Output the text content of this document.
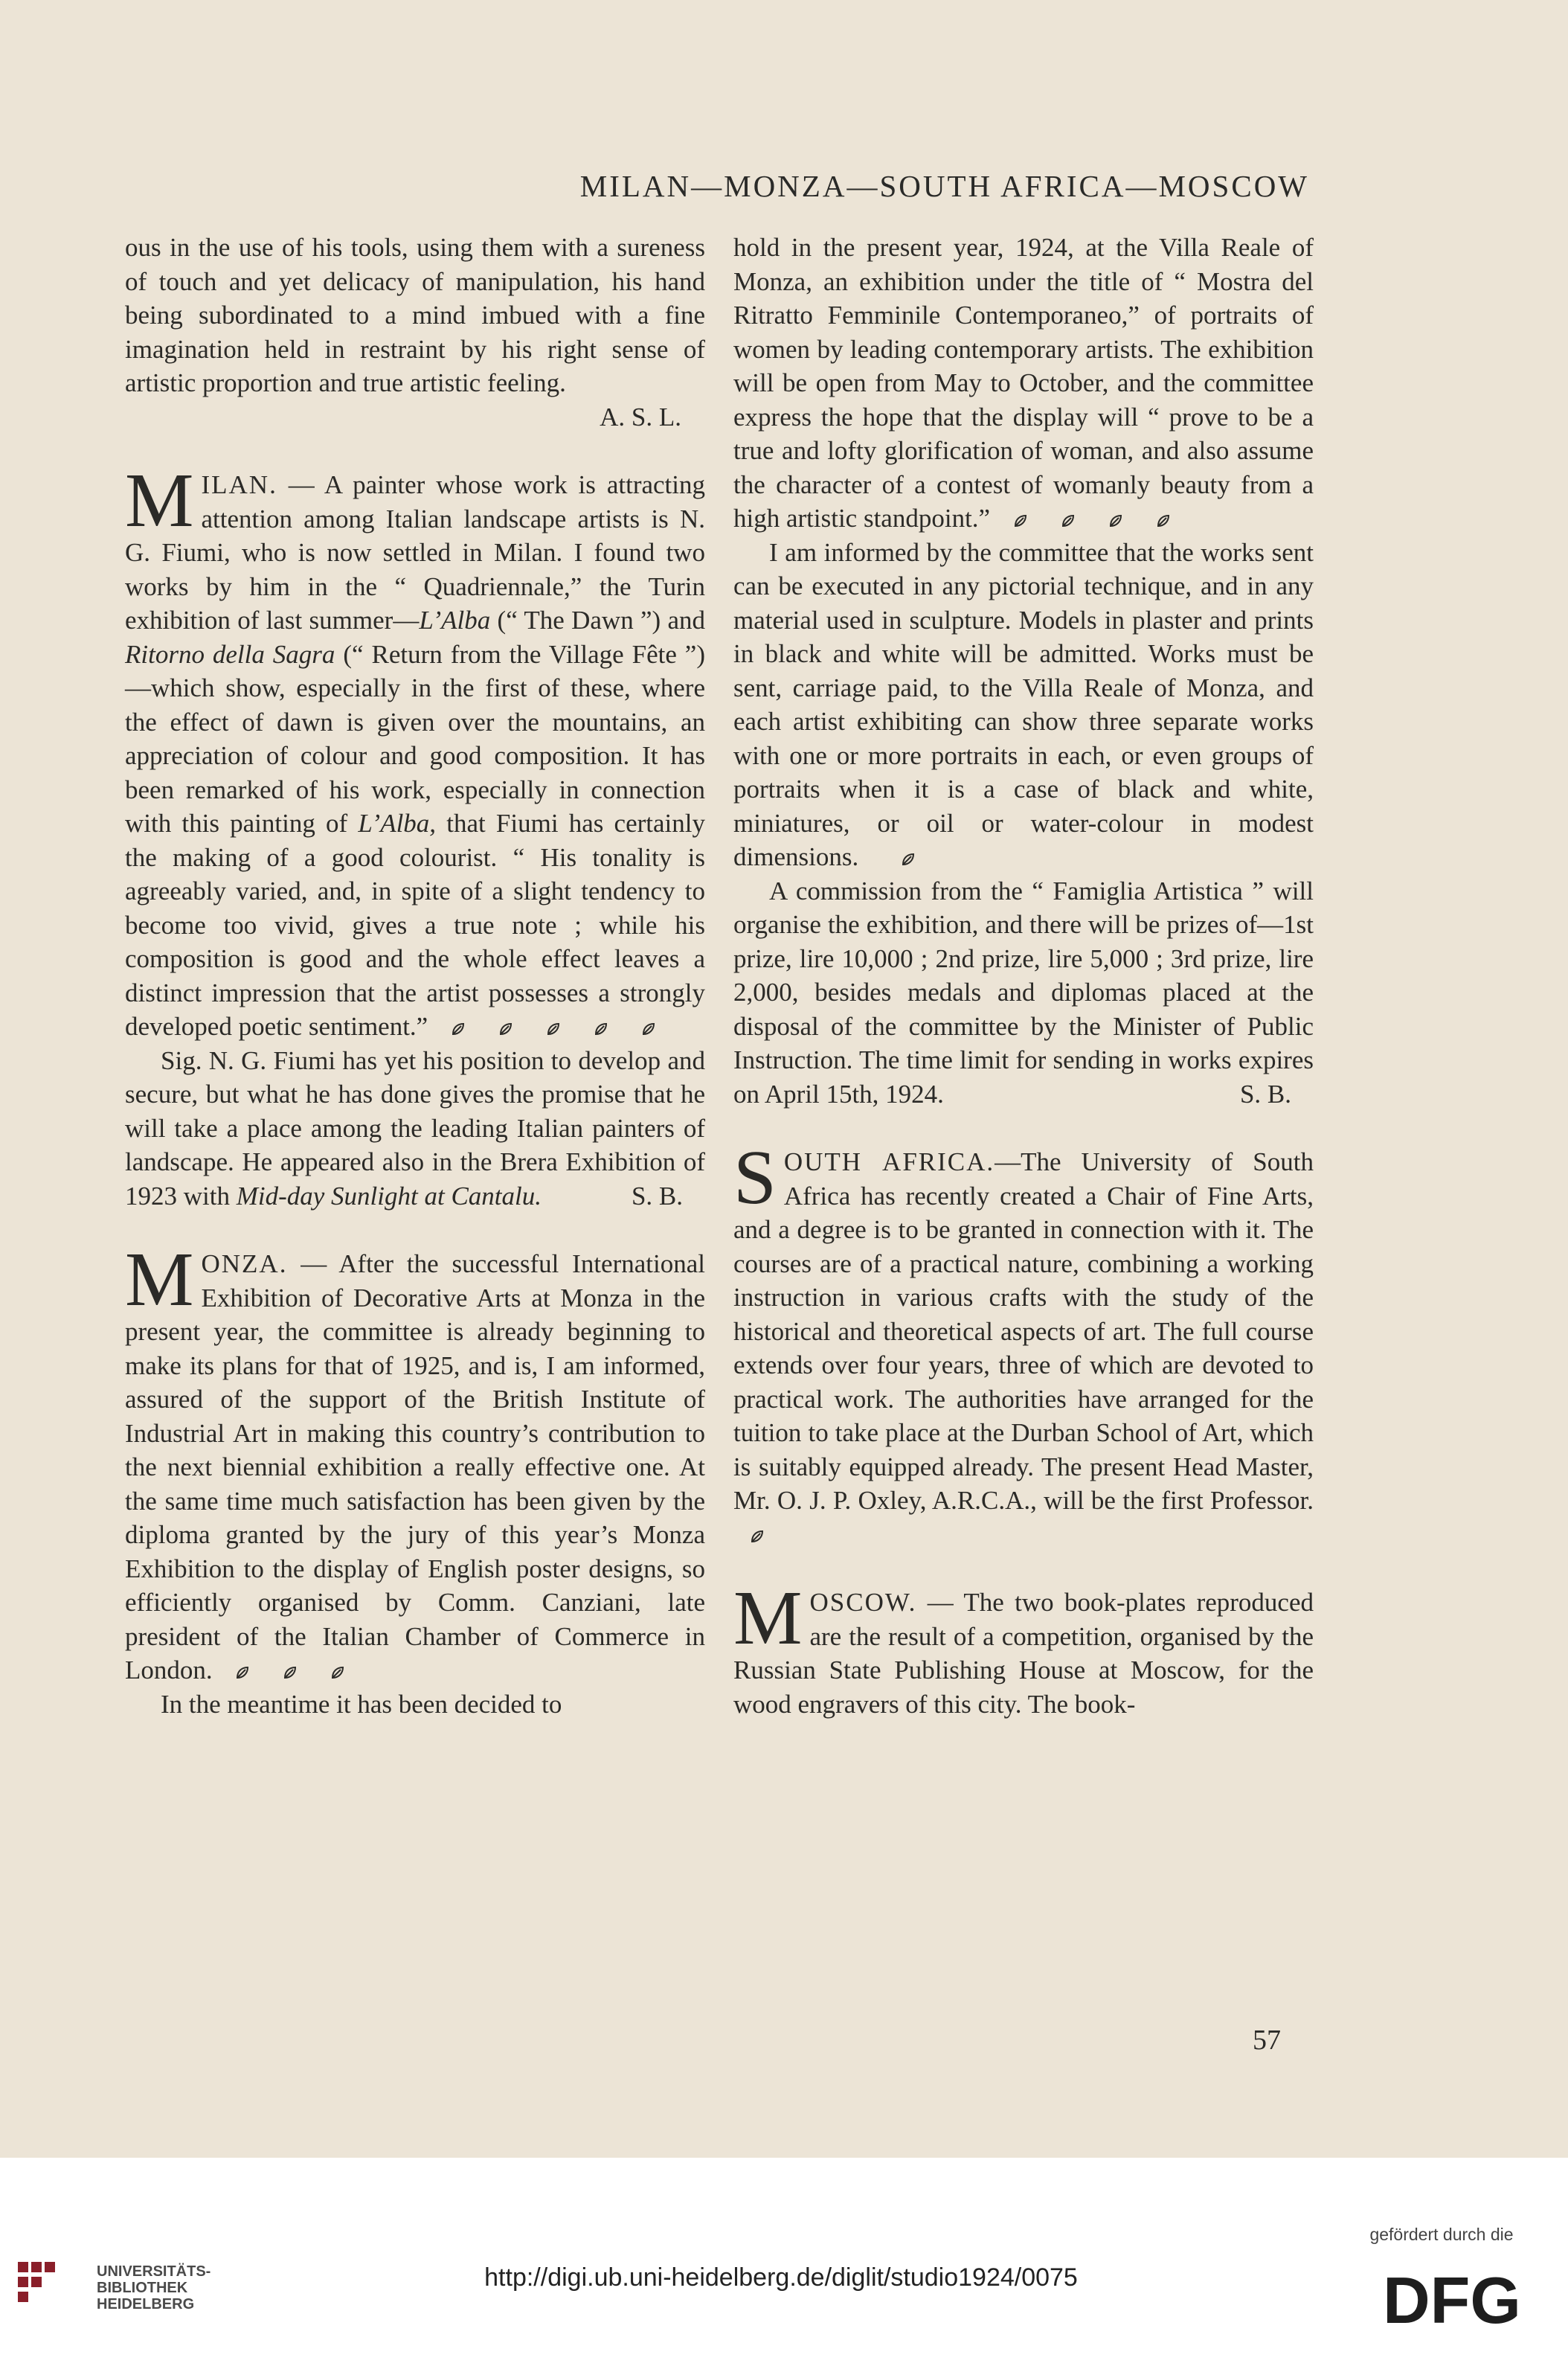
MILAN—MONZA—SOUTH AFRICA—MOSCOW

ous in the use of his tools, using them with a sureness of touch and yet delicacy of manipulation, his hand being subordinated to a mind imbued with a fine imagination held in restraint by his right sense of artistic proportion and true artistic feeling.

A. S. L.

MILAN. — A painter whose work is attracting attention among Italian landscape artists is N. G. Fiumi, who is now settled in Milan. I found two works by him in the “ Quadriennale,” the Turin exhibition of last summer—L’Alba (“ The Dawn ”) and Ritorno della Sagra (“ Return from the Village Fête ”)—which show, especially in the first of these, where the effect of dawn is given over the mountains, an appreciation of colour and good composition. It has been remarked of his work, especially in connection with this painting of L’Alba, that Fiumi has certainly the making of a good colourist. “ His tonality is agreeably varied, and, in spite of a slight tendency to become too vivid, gives a true note ; while his composition is good and the whole effect leaves a distinct impression that the artist possesses a strongly developed poetic sentiment.”

Sig. N. G. Fiumi has yet his position to develop and secure, but what he has done gives the promise that he will take a place among the leading Italian painters of landscape. He appeared also in the Brera Exhibition of 1923 with Mid-day Sunlight at Cantalu.	S. B.

MONZA. — After the successful International Exhibition of Decorative Arts at Monza in the present year, the committee is already beginning to make its plans for that of 1925, and is, I am informed, assured of the support of the British Institute of Industrial Art in making this country’s contribution to the next biennial exhibition a really effective one. At the same time much satisfaction has been given by the diploma granted by the jury of this year’s Monza Exhibition to the display of English poster designs, so efficiently organised by Comm. Canziani, late president of the Italian Chamber of Commerce in London.

In the meantime it has been decided to

hold in the present year, 1924, at the Villa Reale of Monza, an exhibition under the title of “ Mostra del Ritratto Femminile Contemporaneo,” of portraits of women by leading contemporary artists. The exhibition will be open from May to October, and the committee express the hope that the display will “ prove to be a true and lofty glorification of woman, and also assume the character of a contest of womanly beauty from a high artistic standpoint.”

I am informed by the committee that the works sent can be executed in any pictorial technique, and in any material used in sculpture. Models in plaster and prints in black and white will be admitted. Works must be sent, carriage paid, to the Villa Reale of Monza, and each artist exhibiting can show three separate works with one or more portraits in each, or even groups of portraits when it is a case of black and white, miniatures, or oil or water-colour in modest dimensions.

A commission from the “ Famiglia Artistica ” will organise the exhibition, and there will be prizes of—1st prize, lire 10,000 ; 2nd prize, lire 5,000 ; 3rd prize, lire 2,000, besides medals and diplomas placed at the disposal of the committee by the Minister of Public Instruction. The time limit for sending in works expires on April 15th, 1924.	S. B.

SOUTH AFRICA.—The University of South Africa has recently created a Chair of Fine Arts, and a degree is to be granted in connection with it. The courses are of a practical nature, combining a working instruction in various crafts with the study of the historical and theoretical aspects of art. The full course extends over four years, three of which are devoted to practical work. The authorities have arranged for the tuition to take place at the Durban School of Art, which is suitably equipped already. The present Head Master, Mr. O. J. P. Oxley, A.R.C.A., will be the first Professor.

MOSCOW. — The two book-plates reproduced are the result of a competition, organised by the Russian State Publishing House at Moscow, for the wood engravers of this city. The book-

57
UNIVERSITÄTS-
BIBLIOTHEK
HEIDELBERG
http://digi.ub.uni-heidelberg.de/diglit/studio1924/0075
gefördert durch die
DFG
